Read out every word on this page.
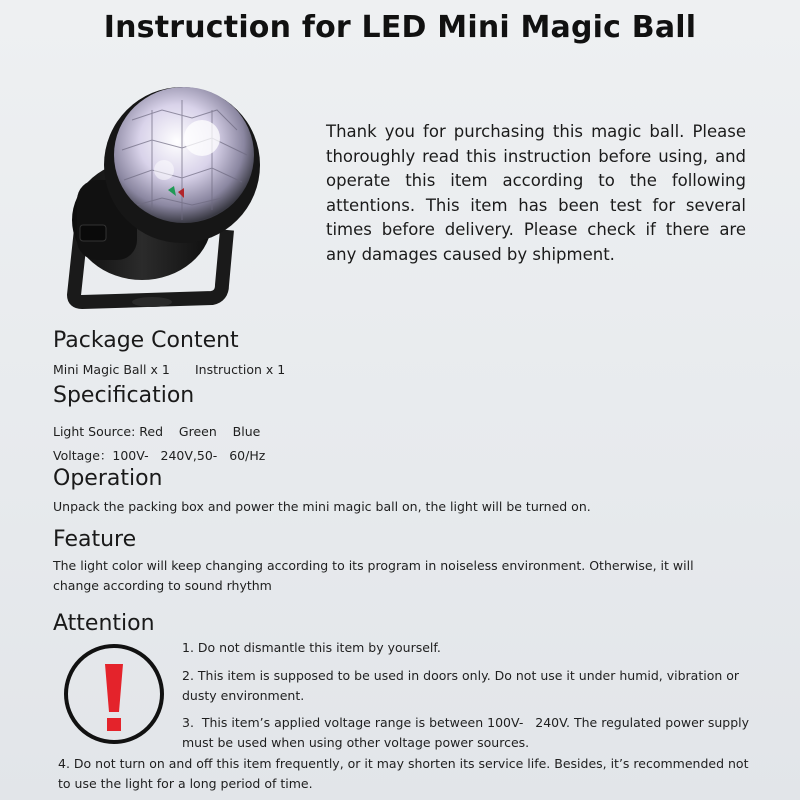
Instruction for LED Mini Magic Ball
Thank you for purchasing this magic ball. Please thoroughly read this instruction before using, and operate this item according to the following attentions. This item has been test for several times before delivery. Please check if there are any damages caused by shipment.
Package Content
Mini Magic Ball x 1 Instruction x 1
Specification
Light Source: Red    Green    Blue
Voltage：100V-   240V,50-   60/Hz
Operation
Unpack the packing box and power the mini magic ball on, the light will be turned on.
Feature
The light color will keep changing according to its program in noiseless environment. Otherwise, it will change according to sound rhythm
Attention
1. Do not dismantle this item by yourself.
2. This item is supposed to be used in doors only. Do not use it under humid, vibration or dusty environment.
3.  This item’s applied voltage range is between 100V-   240V. The regulated power supply must be used when using other voltage power sources.
4. Do not turn on and off this item frequently, or it may shorten its service life. Besides, it’s recommended not to use the light for a long period of time.
